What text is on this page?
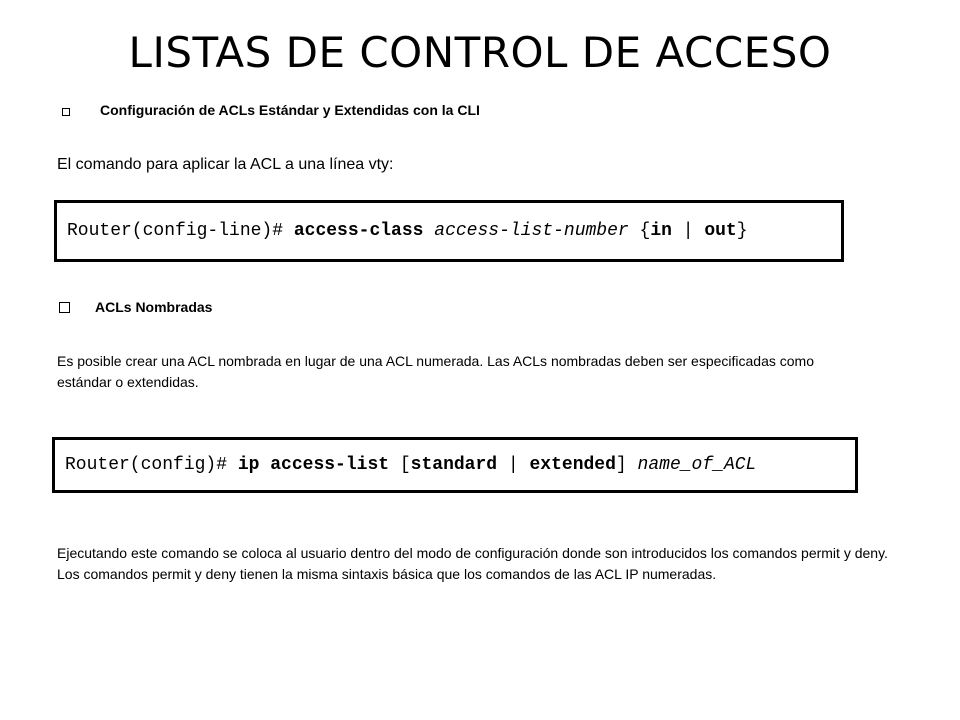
LISTAS DE CONTROL DE ACCESO
Configuración de ACLs Estándar y Extendidas con la CLI
El comando para aplicar la ACL a una línea vty:
Router(config-line)# access-class access-list-number { in | out }
ACLs Nombradas
Es posible crear una ACL nombrada en lugar de una ACL numerada. Las ACLs nombradas deben ser especificadas como estándar o extendidas.
Router(config)# ip access-list [ standard | extended ] name_of_ACL
Ejecutando este comando se coloca al usuario dentro del modo de configuración donde son introducidos los comandos permit y deny. Los comandos permit y deny tienen la misma sintaxis básica que los comandos de las ACL IP numeradas.
